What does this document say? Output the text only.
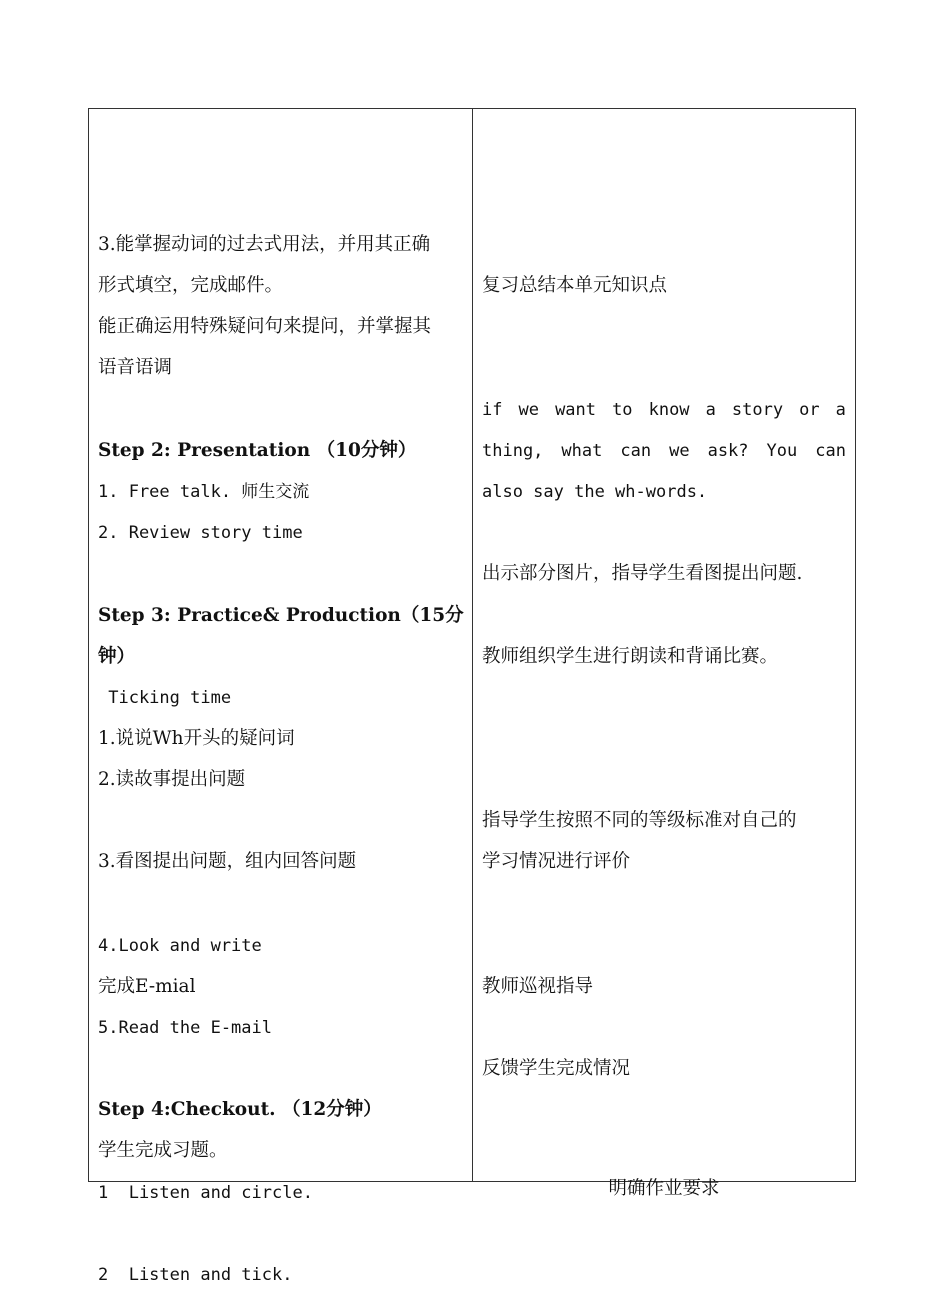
3.能掌握动词的过去式用法，并用其正确
形式填空，完成邮件。
能正确运用特殊疑问句来提问，并掌握其
语音语调
Step 2: Presentation （10分钟）
1. Free talk. 师生交流
2. Review story time
Step 3: Practice& Production（15分
钟）
Ticking time
1.说说Wh开头的疑问词
2.读故事提出问题
3.看图提出问题，组内回答问题
4.Look and write
完成E-mial
5.Read the E-mail
Step 4:Checkout. （12分钟）
学生完成习题。
1  Listen and circle.
2  Listen and tick.
复习总结本单元知识点
if we want to know a story or a
thing, what can we ask? You can
also say the wh-words.
出示部分图片，指导学生看图提出问题.
教师组织学生进行朗读和背诵比赛。
指导学生按照不同的等级标准对自己的
学习情况进行评价
教师巡视指导
反馈学生完成情况
明确作业要求
